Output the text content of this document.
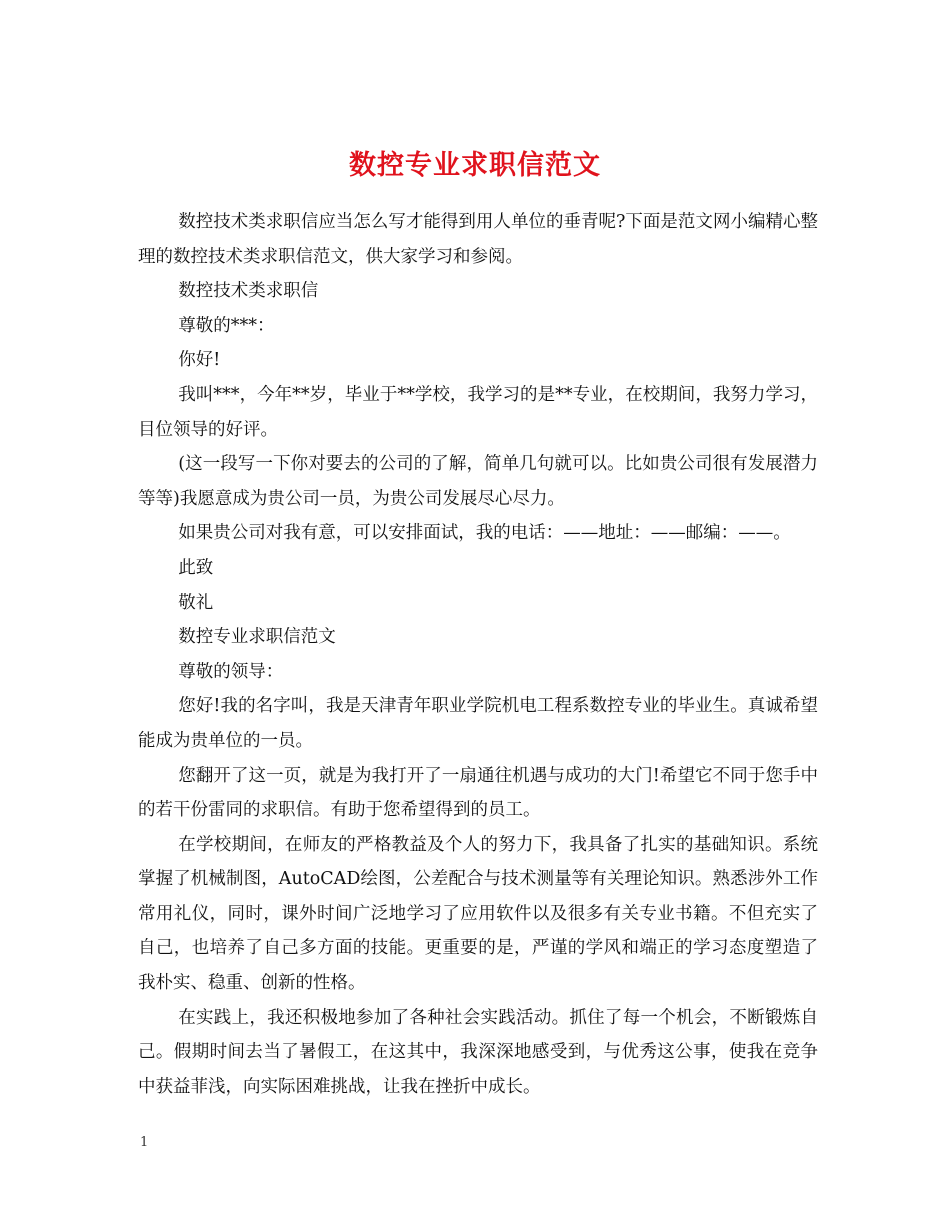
数控专业求职信范文

数控技术类求职信应当怎么写才能得到用人单位的垂青呢?下面是范文网小编精心整理的数控技术类求职信范文，供大家学习和参阅。

数控技术类求职信

尊敬的***：

你好!

我叫***，今年**岁，毕业于**学校，我学习的是**专业，在校期间，我努力学习，目位领导的好评。

(这一段写一下你对要去的公司的了解，简单几句就可以。比如贵公司很有发展潜力等等)我愿意成为贵公司一员，为贵公司发展尽心尽力。

如果贵公司对我有意，可以安排面试，我的电话：——地址：——邮编：——。

此致

敬礼

数控专业求职信范文

尊敬的领导：

您好!我的名字叫，我是天津青年职业学院机电工程系数控专业的毕业生。真诚希望能成为贵单位的一员。

您翻开了这一页，就是为我打开了一扇通往机遇与成功的大门!希望它不同于您手中的若干份雷同的求职信。有助于您希望得到的员工。

在学校期间，在师友的严格教益及个人的努力下，我具备了扎实的基础知识。系统掌握了机械制图，AutoCAD绘图，公差配合与技术测量等有关理论知识。熟悉涉外工作常用礼仪，同时，课外时间广泛地学习了应用软件以及很多有关专业书籍。不但充实了自己，也培养了自己多方面的技能。更重要的是，严谨的学风和端正的学习态度塑造了我朴实、稳重、创新的性格。

在实践上，我还积极地参加了各种社会实践活动。抓住了每一个机会，不断锻炼自己。假期时间去当了暑假工，在这其中，我深深地感受到，与优秀这公事，使我在竞争中获益菲浅，向实际困难挑战，让我在挫折中成长。

1
